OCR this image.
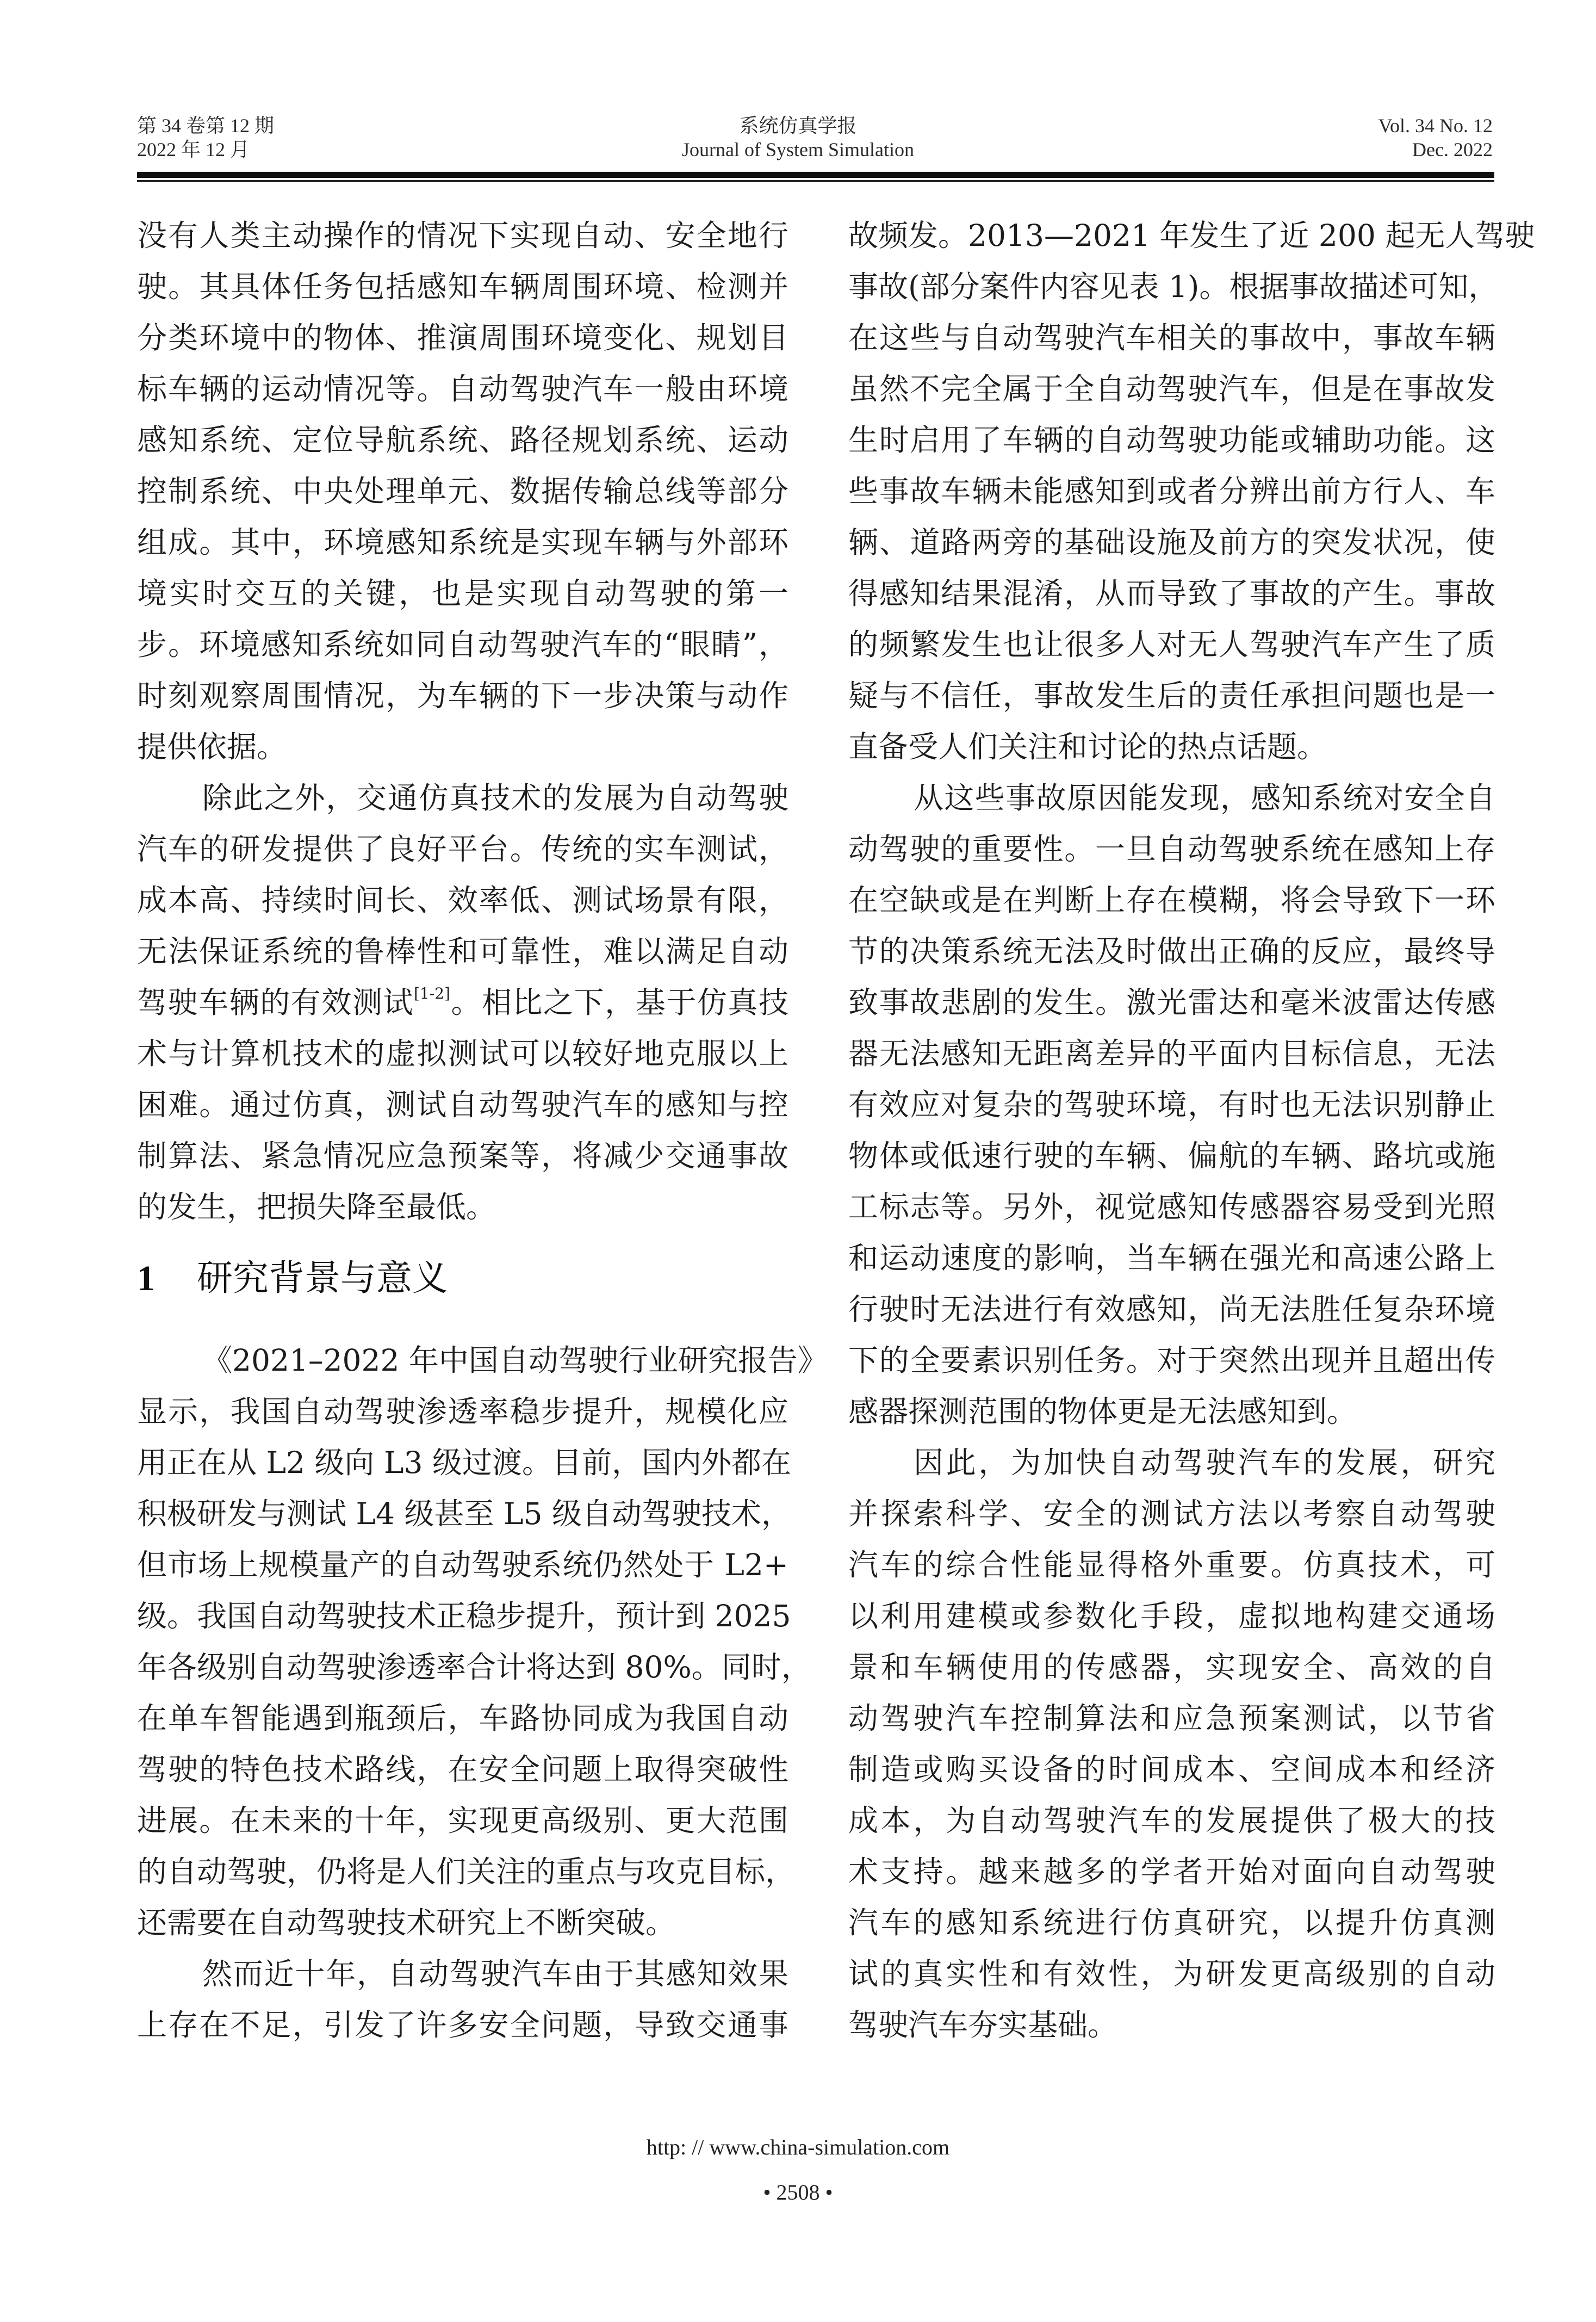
第 34 卷第 12 期
2022 年 12 月
系统仿真学报
Journal of System Simulation
Vol. 34 No. 12
Dec. 2022
没有人类主动操作的情况下实现自动、安全地行
驶。其具体任务包括感知车辆周围环境、检测并
分类环境中的物体、推演周围环境变化、规划目
标车辆的运动情况等。自动驾驶汽车一般由环境
感知系统、定位导航系统、路径规划系统、运动
控制系统、中央处理单元、数据传输总线等部分
组成。其中，环境感知系统是实现车辆与外部环
境实时交互的关键，也是实现自动驾驶的第一
步。环境感知系统如同自动驾驶汽车的“眼睛”，
时刻观察周围情况，为车辆的下一步决策与动作
提供依据。
除此之外，交通仿真技术的发展为自动驾驶
汽车的研发提供了良好平台。传统的实车测试，
成本高、持续时间长、效率低、测试场景有限，
无法保证系统的鲁棒性和可靠性，难以满足自动
驾驶车辆的有效测试[1-2]。相比之下，基于仿真技
术与计算机技术的虚拟测试可以较好地克服以上
困难。通过仿真，测试自动驾驶汽车的感知与控
制算法、紧急情况应急预案等，将减少交通事故
的发生，把损失降至最低。
《2021–2022 年中国自动驾驶行业研究报告》
显示，我国自动驾驶渗透率稳步提升，规模化应
用正在从 L2 级向 L3 级过渡。目前，国内外都在
积极研发与测试 L4 级甚至 L5 级自动驾驶技术，
但市场上规模量产的自动驾驶系统仍然处于 L2+
级。我国自动驾驶技术正稳步提升，预计到 2025
年各级别自动驾驶渗透率合计将达到 80%。同时，
在单车智能遇到瓶颈后，车路协同成为我国自动
驾驶的特色技术路线，在安全问题上取得突破性
进展。在未来的十年，实现更高级别、更大范围
的自动驾驶，仍将是人们关注的重点与攻克目标，
还需要在自动驾驶技术研究上不断突破。
然而近十年，自动驾驶汽车由于其感知效果
上存在不足，引发了许多安全问题，导致交通事
1 研究背景与意义
故频发。2013—2021 年发生了近 200 起无人驾驶
事故(部分案件内容见表 1)。根据事故描述可知，
在这些与自动驾驶汽车相关的事故中，事故车辆
虽然不完全属于全自动驾驶汽车，但是在事故发
生时启用了车辆的自动驾驶功能或辅助功能。这
些事故车辆未能感知到或者分辨出前方行人、车
辆、道路两旁的基础设施及前方的突发状况，使
得感知结果混淆，从而导致了事故的产生。事故
的频繁发生也让很多人对无人驾驶汽车产生了质
疑与不信任，事故发生后的责任承担问题也是一
直备受人们关注和讨论的热点话题。
从这些事故原因能发现，感知系统对安全自
动驾驶的重要性。一旦自动驾驶系统在感知上存
在空缺或是在判断上存在模糊，将会导致下一环
节的决策系统无法及时做出正确的反应，最终导
致事故悲剧的发生。激光雷达和毫米波雷达传感
器无法感知无距离差异的平面内目标信息，无法
有效应对复杂的驾驶环境，有时也无法识别静止
物体或低速行驶的车辆、偏航的车辆、路坑或施
工标志等。另外，视觉感知传感器容易受到光照
和运动速度的影响，当车辆在强光和高速公路上
行驶时无法进行有效感知，尚无法胜任复杂环境
下的全要素识别任务。对于突然出现并且超出传
感器探测范围的物体更是无法感知到。
因此，为加快自动驾驶汽车的发展，研究
并探索科学、安全的测试方法以考察自动驾驶
汽车的综合性能显得格外重要。仿真技术，可
以利用建模或参数化手段，虚拟地构建交通场
景和车辆使用的传感器，实现安全、高效的自
动驾驶汽车控制算法和应急预案测试，以节省
制造或购买设备的时间成本、空间成本和经济
成本，为自动驾驶汽车的发展提供了极大的技
术支持。越来越多的学者开始对面向自动驾驶
汽车的感知系统进行仿真研究，以提升仿真测
试的真实性和有效性，为研发更高级别的自动
驾驶汽车夯实基础。
http: // www.china-simulation.com
• 2508 •
